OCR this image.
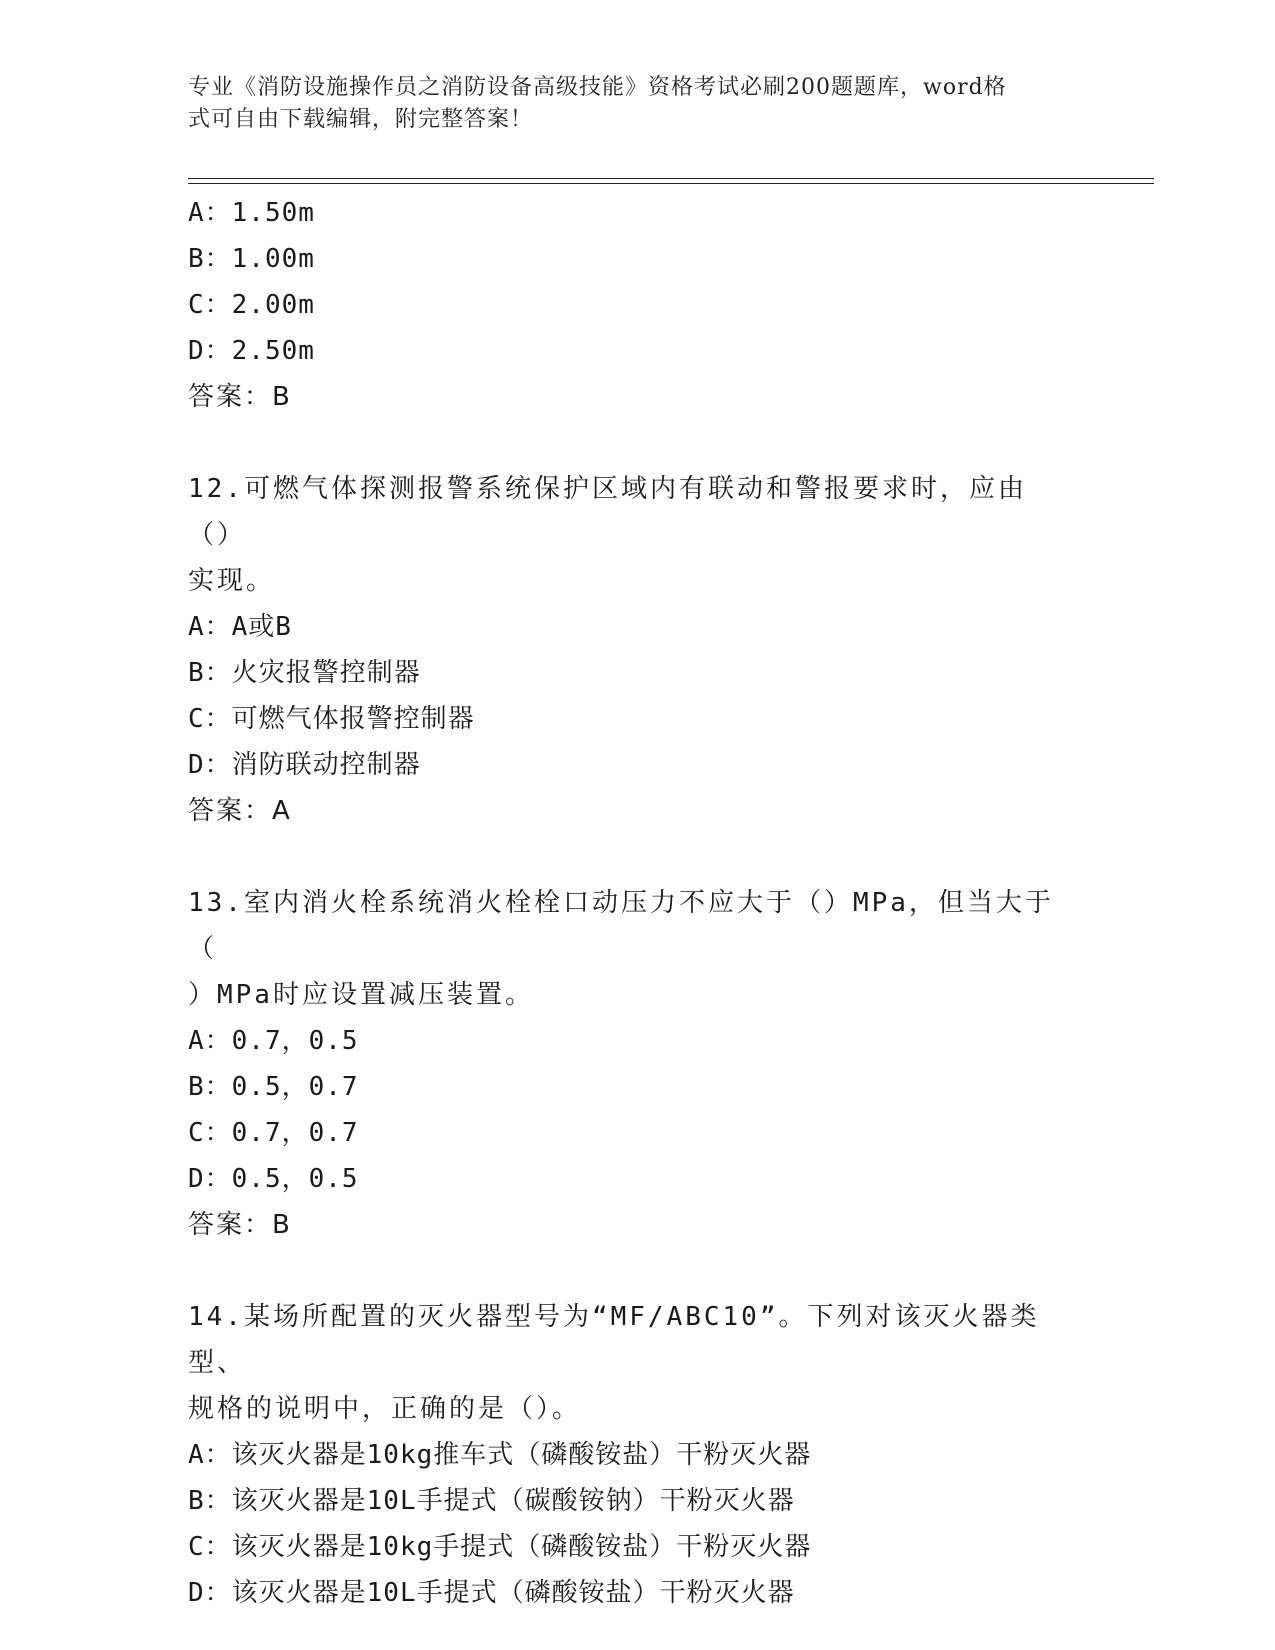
专业《消防设施操作员之消防设备高级技能》资格考试必刷200题题库，word格
式可自由下载编辑，附完整答案！
A：1.50m
B：1.00m
C：2.00m
D：2.50m
答案：B
12.可燃气体探测报警系统保护区域内有联动和警报要求时，应由（）
实现。
A：A或B
B：火灾报警控制器
C：可燃气体报警控制器
D：消防联动控制器
答案：A
13.室内消火栓系统消火栓栓口动压力不应大于（）MPa，但当大于（
）MPa时应设置减压装置。
A：0.7，0.5
B：0.5，0.7
C：0.7，0.7
D：0.5，0.5
答案：B
14.某场所配置的灭火器型号为“MF/ABC10”。下列对该灭火器类型、
规格的说明中，正确的是（）。
A：该灭火器是10kg推车式（磷酸铵盐）干粉灭火器
B：该灭火器是10L手提式（碳酸铵钠）干粉灭火器
C：该灭火器是10kg手提式（磷酸铵盐）干粉灭火器
D：该灭火器是10L手提式（磷酸铵盐）干粉灭火器
